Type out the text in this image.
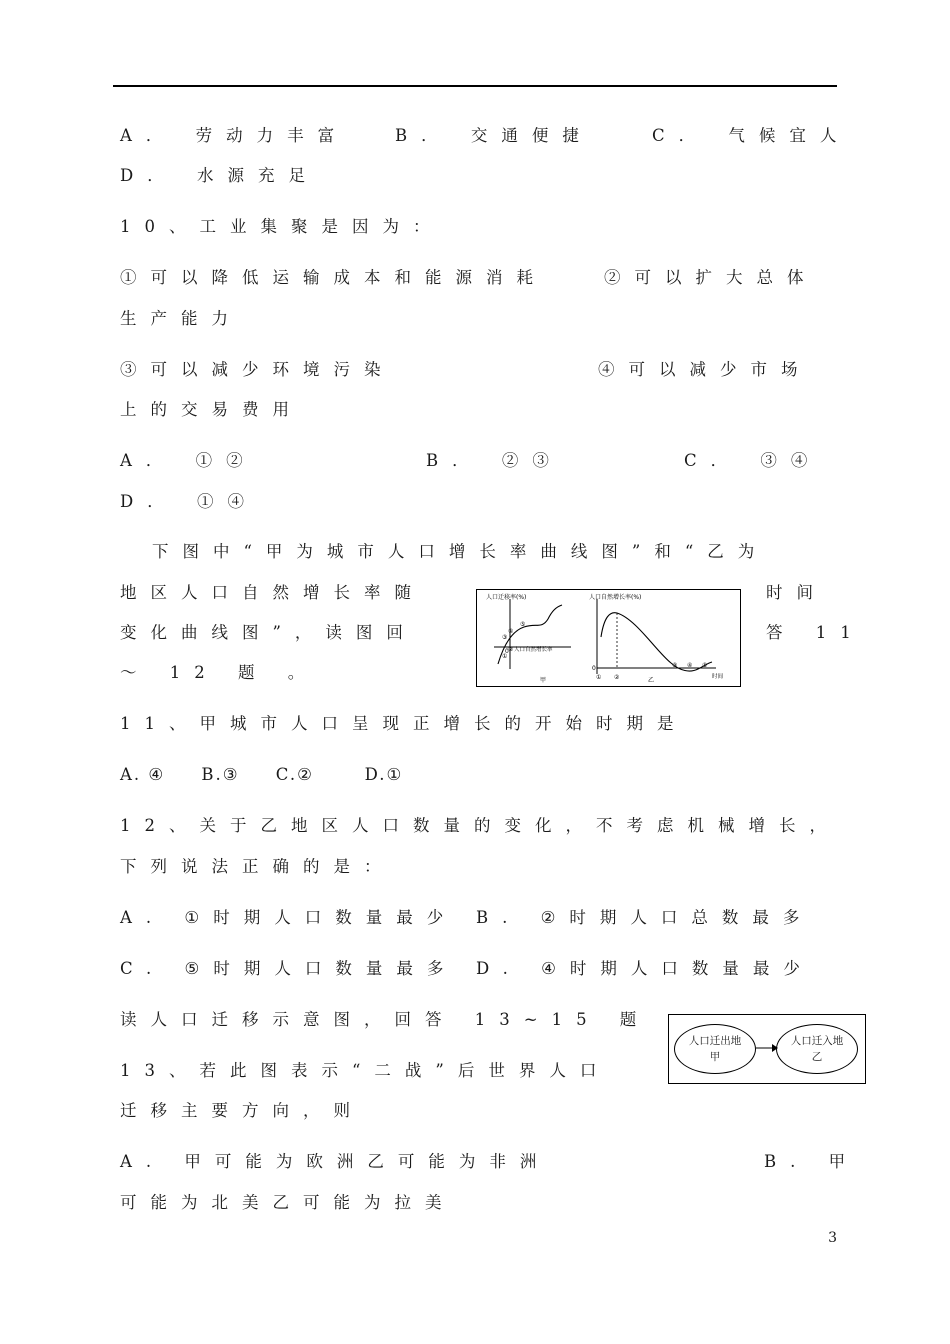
A． 劳动力丰富	B． 交通便捷	C． 气候宜人
D． 水源充足
10、工业集聚是因为：
①可以降低运输成本和能源消耗	②可以扩大总体
生产能力
③可以减少环境污染	④可以减少市场
上的交易费用
A． ①②	B． ②③	C． ③④
D． ①④
下图中“甲为城市人口增长率曲线图”和“乙为
地区人口自然增长率随	时间
变化曲线图”，读图回	答 11
～ 12 题 。
人口迁移率(%)
人口自然增长率
0
①
②
③
④
⑤
甲
人口自然增长率(%)
0
① ②
③ ④ ⑤
时间
乙
11、甲城市人口呈现正增长的开始时期是
A. ④     B.③     C.②       D.①
12、关于乙地区人口数量的变化，不考虑机械增长，
下列说法正确的是：
A. ①时期人口数量最少 B. ②时期人口总数最多
C. ⑤时期人口数量最多 D. ④时期人口数量最少
读人口迁移示意图，回答 13~15 题
人口迁出地
甲
人口迁入地
乙
13、若此图表示“二战”后世界人口
迁移主要方向，则
A. 甲可能为欧洲乙可能为非洲	B. 甲
可能为北美乙可能为拉美
3
